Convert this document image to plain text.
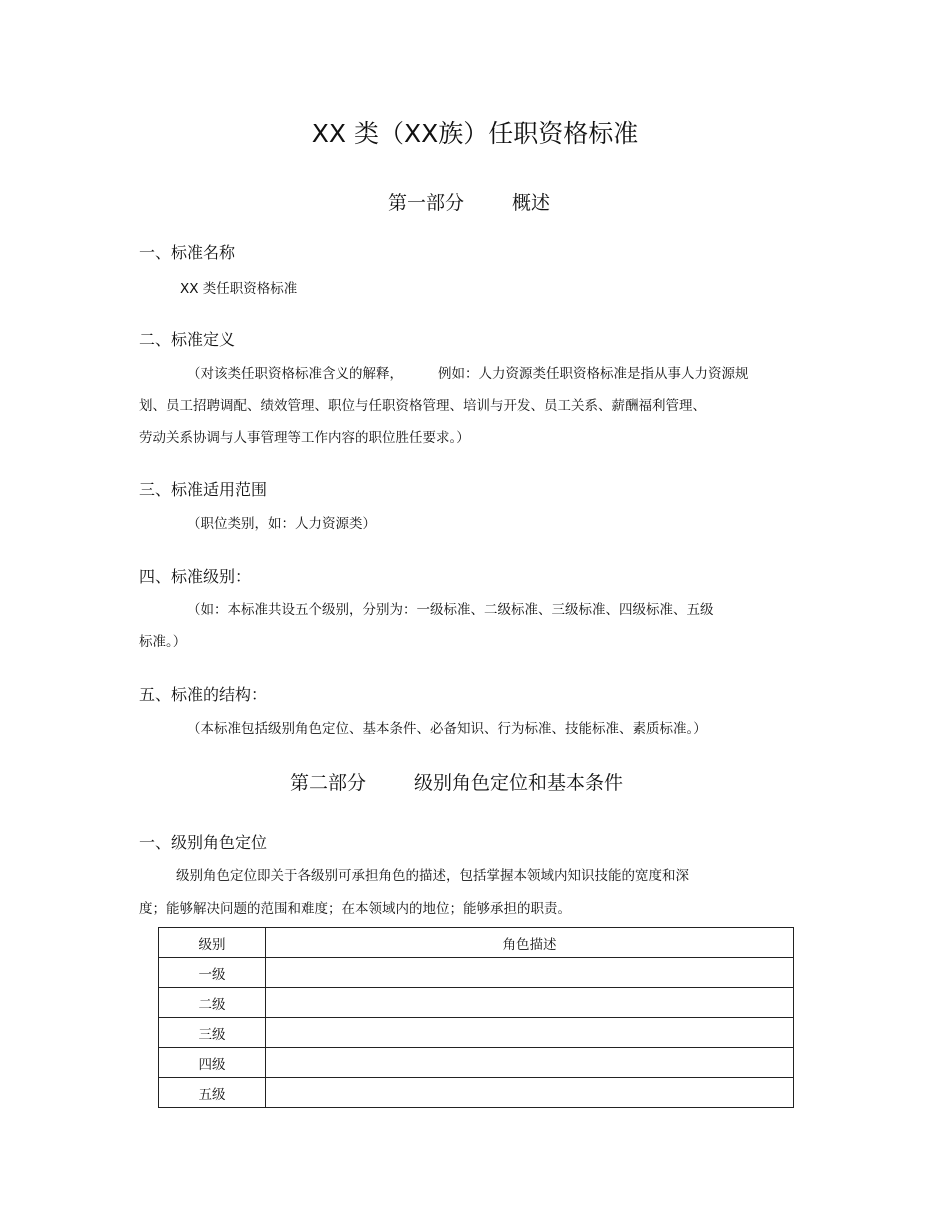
XX 类（XX族）任职资格标准
第一部分	概述
一、标准名称
XX 类任职资格标准
二、标准定义
（对该类任职资格标准含义的解释，	例如：人力资源类任职资格标准是指从事人力资源规
划、员工招聘调配、绩效管理、职位与任职资格管理、培训与开发、员工关系、薪酬福利管理、
劳动关系协调与人事管理等工作内容的职位胜任要求。）
三、标准适用范围
（职位类别，如：人力资源类）
四、标准级别：
（如：本标准共设五个级别，分别为：一级标准、二级标准、三级标准、四级标准、五级
标准。）
五、标准的结构：
（本标准包括级别角色定位、基本条件、必备知识、行为标准、技能标准、素质标准。）
第二部分	级别角色定位和基本条件
一、级别角色定位
级别角色定位即关于各级别可承担角色的描述，包括掌握本领域内知识技能的宽度和深
度；能够解决问题的范围和难度；在本领域内的地位；能够承担的职责。
级别	角色描述
一级	
二级	
三级	
四级	
五级	
